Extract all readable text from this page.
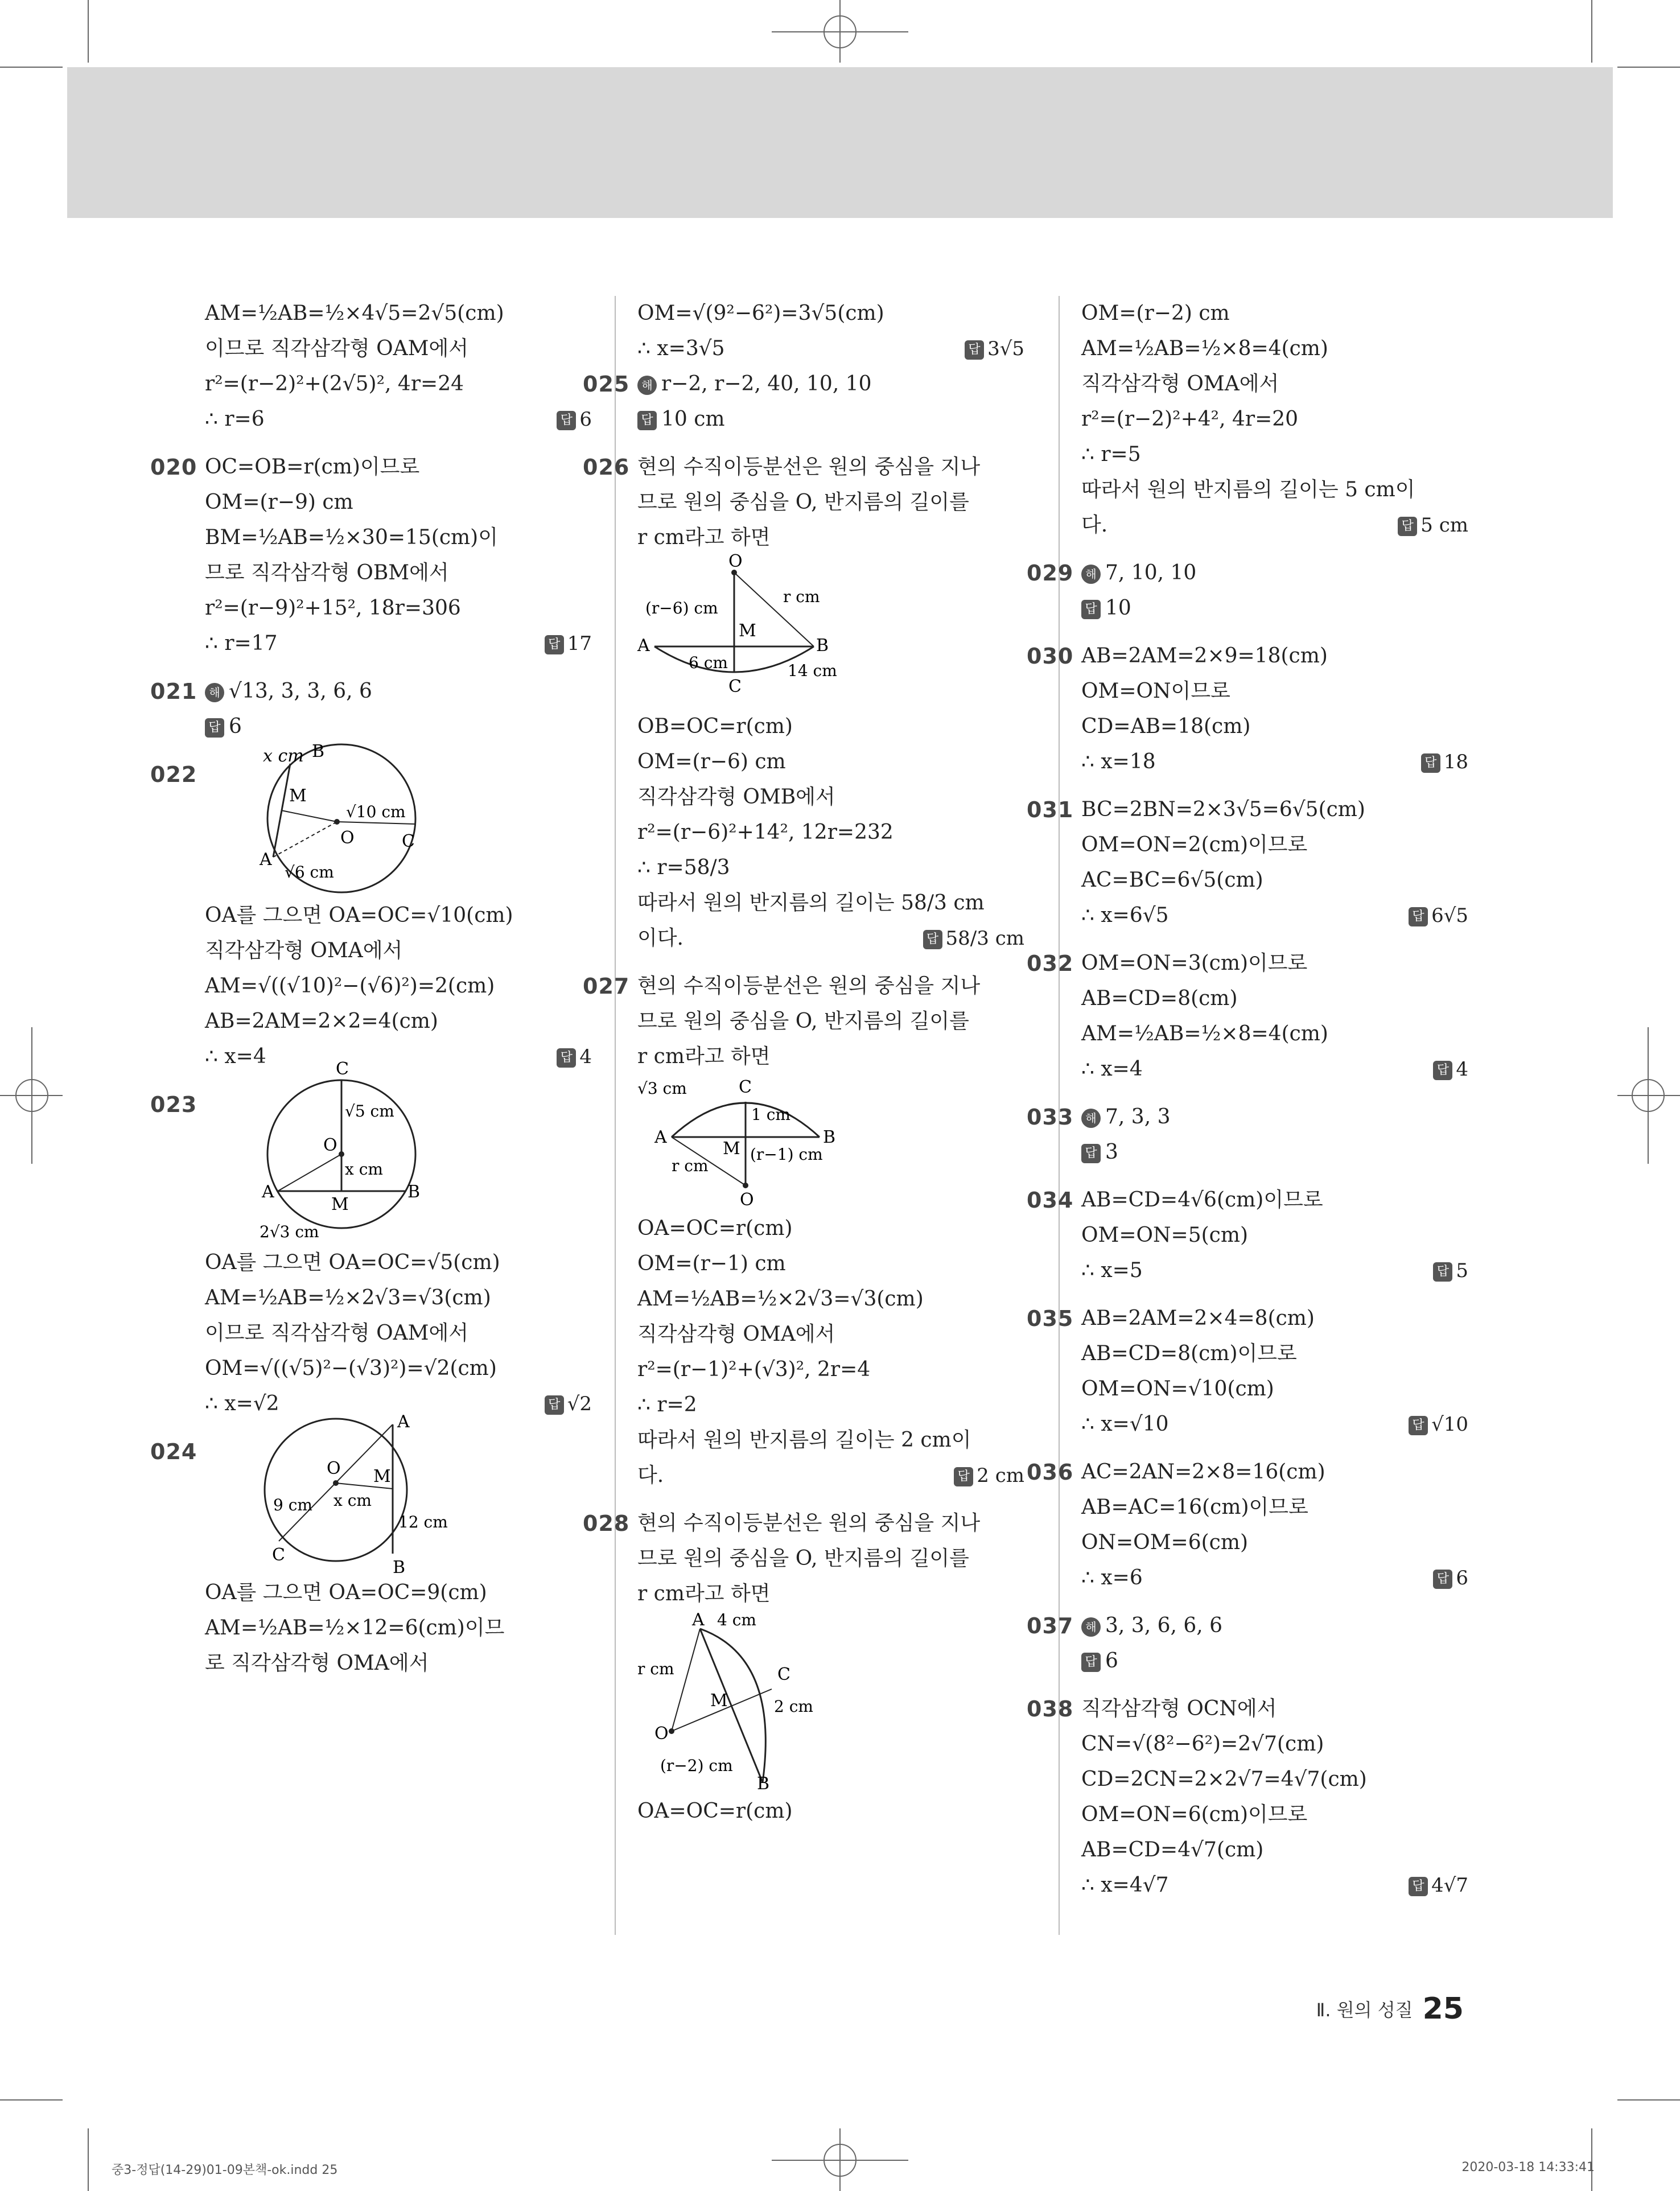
AM=½AB=½×4√5=2√5(cm)
이므로 직각삼각형 OAM에서
r²=(r−2)²+(2√5)², 4r=24
∴ r=6	답 6
020 OC=OB=r(cm)이므로
OM=(r−9) cm
BM=½AB=½×30=15(cm)이
므로 직각삼각형 OBM에서
r²=(r−9)²+15², 18r=306
∴ r=17	답 17
021 해 √13, 3, 3, 6, 6
답 6
022
x cm B
M
√10 cm
A
√6 cm
O	C
OA를 그으면 OA=OC=√10(cm)
직각삼각형 OMA에서
AM=√((√10)²−(√6)²)=2(cm)
AB=2AM=2×2=4(cm)
∴ x=4	답 4
023
C
√5 cm
O
x cm
A
M
B
2√3 cm
OA를 그으면 OA=OC=√5(cm)
AM=½AB=½×2√3=√3(cm)
이므로 직각삼각형 OAM에서
OM=√((√5)²−(√3)²)=√2(cm)
∴ x=√2	답 √2
024
A
O M
9 cm x cm
12 cm
C
B
OA를 그으면 OA=OC=9(cm)
AM=½AB=½×12=6(cm)이므
로 직각삼각형 OMA에서
OM=√(9²−6²)=3√5(cm)
∴ x=3√5	답 3√5
025 해 r−2, r−2, 40, 10, 10
답 10 cm
026 현의 수직이등분선은 원의 중심을 지나
므로 원의 중심을 O, 반지름의 길이를
r cm라고 하면
O
(r−6) cm
r cm
M
A	B
6 cm	14 cm
C
OB=OC=r(cm)
OM=(r−6) cm
직각삼각형 OMB에서
r²=(r−6)²+14², 12r=232
∴ r=58/3
따라서 원의 반지름의 길이는 58/3 cm
이다.	답 58/3 cm
027 현의 수직이등분선은 원의 중심을 지나
므로 원의 중심을 O, 반지름의 길이를
r cm라고 하면
√3 cm	C
1 cm
A	B
M (r−1) cm
r cm
O
OA=OC=r(cm)
OM=(r−1) cm
AM=½AB=½×2√3=√3(cm)
직각삼각형 OMA에서
r²=(r−1)²+(√3)², 2r=4
∴ r=2
따라서 원의 반지름의 길이는 2 cm이
다.	답 2 cm
028 현의 수직이등분선은 원의 중심을 지나
므로 원의 중심을 O, 반지름의 길이를
r cm라고 하면
A 4 cm
r cm	C
M	2 cm
O
(r−2) cm
B
OA=OC=r(cm)
OM=(r−2) cm
AM=½AB=½×8=4(cm)
직각삼각형 OMA에서
r²=(r−2)²+4², 4r=20
∴ r=5
따라서 원의 반지름의 길이는 5 cm이
다.	답 5 cm
029 해 7, 10, 10
답 10
030 AB=2AM=2×9=18(cm)
OM=ON이므로
CD=AB=18(cm)
∴ x=18	답 18
031 BC=2BN=2×3√5=6√5(cm)
OM=ON=2(cm)이므로
AC=BC=6√5(cm)
∴ x=6√5	답 6√5
032 OM=ON=3(cm)이므로
AB=CD=8(cm)
AM=½AB=½×8=4(cm)
∴ x=4	답 4
033 해 7, 3, 3
답 3
034 AB=CD=4√6(cm)이므로
OM=ON=5(cm)
∴ x=5	답 5
035 AB=2AM=2×4=8(cm)
AB=CD=8(cm)이므로
OM=ON=√10(cm)
∴ x=√10	답 √10
036 AC=2AN=2×8=16(cm)
AB=AC=16(cm)이므로
ON=OM=6(cm)
∴ x=6	답 6
037 해 3, 3, 6, 6, 6
답 6
038 직각삼각형 OCN에서
CN=√(8²−6²)=2√7(cm)
CD=2CN=2×2√7=4√7(cm)
OM=ON=6(cm)이므로
AB=CD=4√7(cm)
∴ x=4√7	답 4√7
Ⅱ. 원의 성질 25
중3-정답(14-29)01-09본책-ok.indd 25	2020-03-18 14:33:41
